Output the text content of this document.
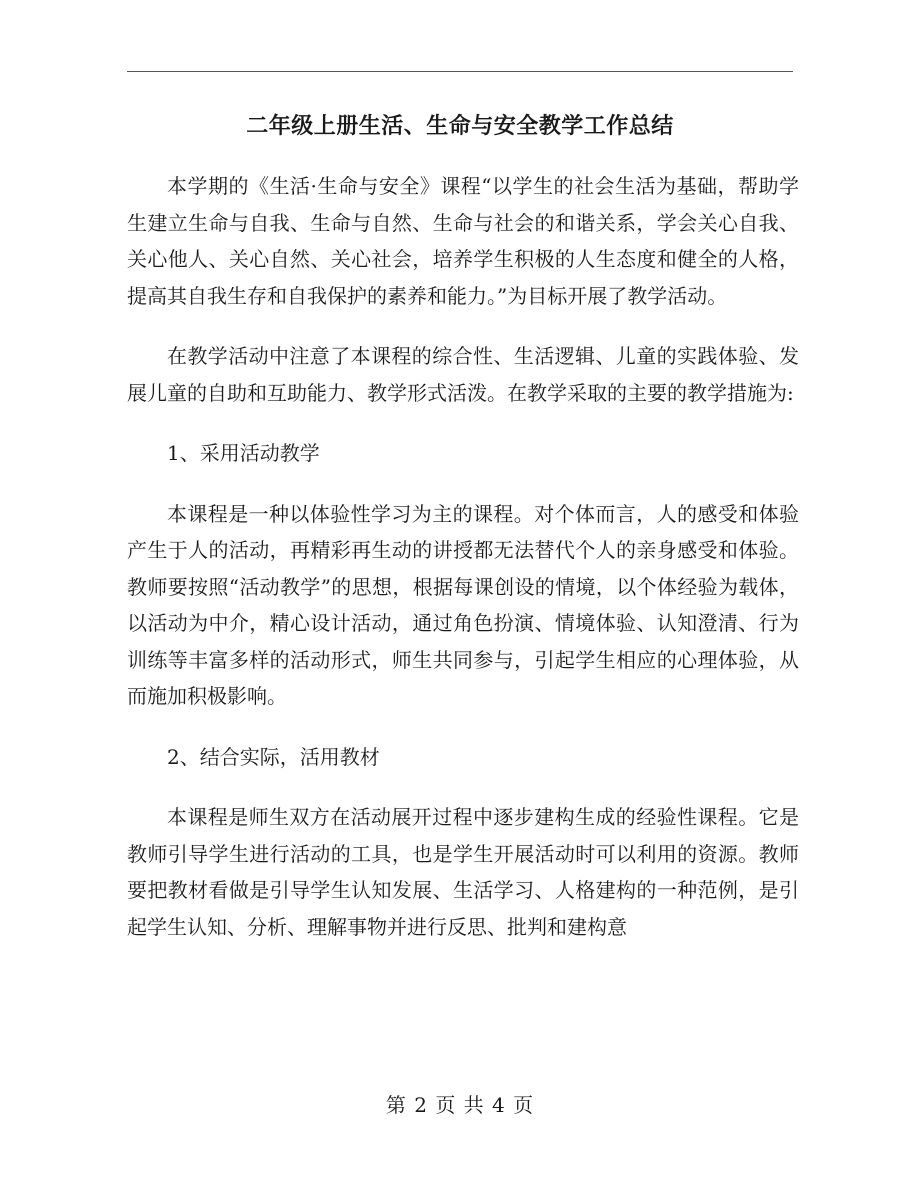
二年级上册生活、生命与安全教学工作总结

本学期的《生活·生命与安全》课程“以学生的社会生活为基础，帮助学生建立生命与自我、生命与自然、生命与社会的和谐关系，学会关心自我、关心他人、关心自然、关心社会，培养学生积极的人生态度和健全的人格，提高其自我生存和自我保护的素养和能力。”为目标开展了教学活动。

在教学活动中注意了本课程的综合性、生活逻辑、儿童的实践体验、发展儿童的自助和互助能力、教学形式活泼。在教学采取的主要的教学措施为:

1、采用活动教学

本课程是一种以体验性学习为主的课程。对个体而言，人的感受和体验产生于人的活动，再精彩再生动的讲授都无法替代个人的亲身感受和体验。教师要按照“活动教学”的思想，根据每课创设的情境，以个体经验为载体，以活动为中介，精心设计活动，通过角色扮演、情境体验、认知澄清、行为训练等丰富多样的活动形式，师生共同参与，引起学生相应的心理体验，从而施加积极影响。

2、结合实际，活用教材

本课程是师生双方在活动展开过程中逐步建构生成的经验性课程。它是教师引导学生进行活动的工具，也是学生开展活动时可以利用的资源。教师要把教材看做是引导学生认知发展、生活学习、人格建构的一种范例，是引起学生认知、分析、理解事物并进行反思、批判和建构意

第 2 页 共 4 页
